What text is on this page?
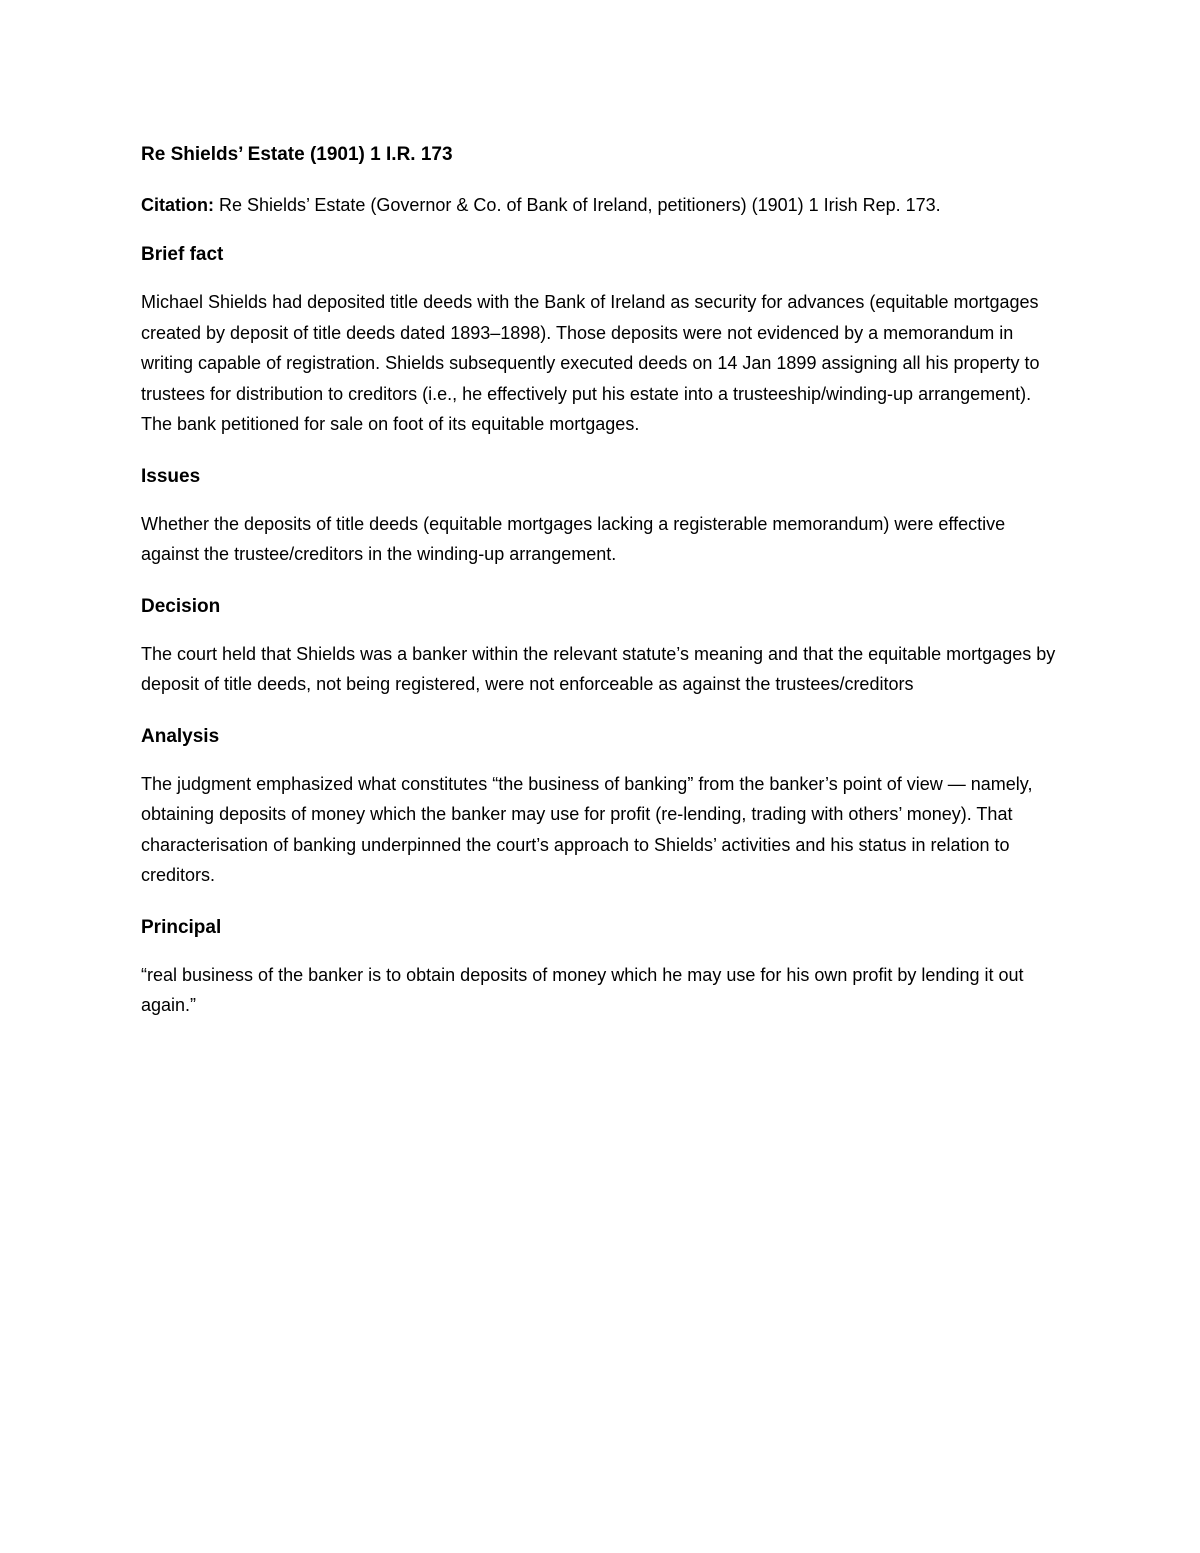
Re Shields’ Estate (1901) 1 I.R. 173

Citation: Re Shields’ Estate (Governor & Co. of Bank of Ireland, petitioners) (1901) 1 Irish Rep. 173.

Brief fact

Michael Shields had deposited title deeds with the Bank of Ireland as security for advances (equitable mortgages created by deposit of title deeds dated 1893–1898). Those deposits were not evidenced by a memorandum in writing capable of registration. Shields subsequently executed deeds on 14 Jan 1899 assigning all his property to trustees for distribution to creditors (i.e., he effectively put his estate into a trusteeship/winding-up arrangement). The bank petitioned for sale on foot of its equitable mortgages.

Issues

Whether the deposits of title deeds (equitable mortgages lacking a registerable memorandum) were effective against the trustee/creditors in the winding-up arrangement.

Decision

The court held that Shields was a banker within the relevant statute’s meaning and that the equitable mortgages by deposit of title deeds, not being registered, were not enforceable as against the trustees/creditors

Analysis

The judgment emphasized what constitutes “the business of banking” from the banker’s point of view — namely, obtaining deposits of money which the banker may use for profit (re-lending, trading with others’ money). That characterisation of banking underpinned the court’s approach to Shields’ activities and his status in relation to creditors.

Principal

“real business of the banker is to obtain deposits of money which he may use for his own profit by lending it out again.”
